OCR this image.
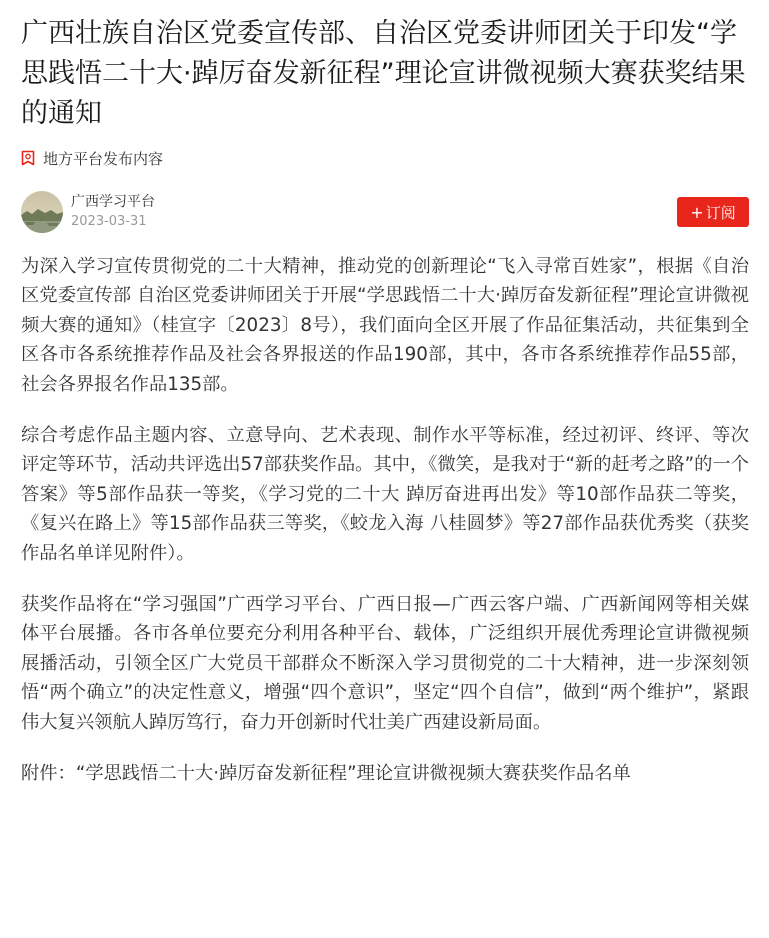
广西壮族自治区党委宣传部、自治区党委讲师团关于印发“学思践悟二十大·踔厉奋发新征程”理论宣讲微视频大赛获奖结果的通知
地方平台发布内容
广西学习平台
2023-03-31	+ 订阅

为深入学习宣传贯彻党的二十大精神，推动党的创新理论“飞入寻常百姓家”，根据《自治区党委宣传部 自治区党委讲师团关于开展“学思践悟二十大·踔厉奋发新征程”理论宣讲微视频大赛的通知》（桂宣字〔2023〕8号），我们面向全区开展了作品征集活动，共征集到全区各市各系统推荐作品及社会各界报送的作品190部，其中，各市各系统推荐作品55部，社会各界报名作品135部。

综合考虑作品主题内容、立意导向、艺术表现、制作水平等标准，经过初评、终评、等次评定等环节，活动共评选出57部获奖作品。其中，《微笑，是我对于“新的赶考之路”的一个答案》等5部作品获一等奖，《学习党的二十大 踔厉奋进再出发》等10部作品获二等奖，《复兴在路上》等15部作品获三等奖，《蛟龙入海 八桂圆梦》等27部作品获优秀奖（获奖作品名单详见附件）。

获奖作品将在“学习强国”广西学习平台、广西日报—广西云客户端、广西新闻网等相关媒体平台展播。各市各单位要充分利用各种平台、载体，广泛组织开展优秀理论宣讲微视频展播活动，引领全区广大党员干部群众不断深入学习贯彻党的二十大精神，进一步深刻领悟“两个确立”的决定性意义，增强“四个意识”，坚定“四个自信”，做到“两个维护”，紧跟伟大复兴领航人踔厉笃行，奋力开创新时代壮美广西建设新局面。

附件：“学思践悟二十大·踔厉奋发新征程”理论宣讲微视频大赛获奖作品名单
